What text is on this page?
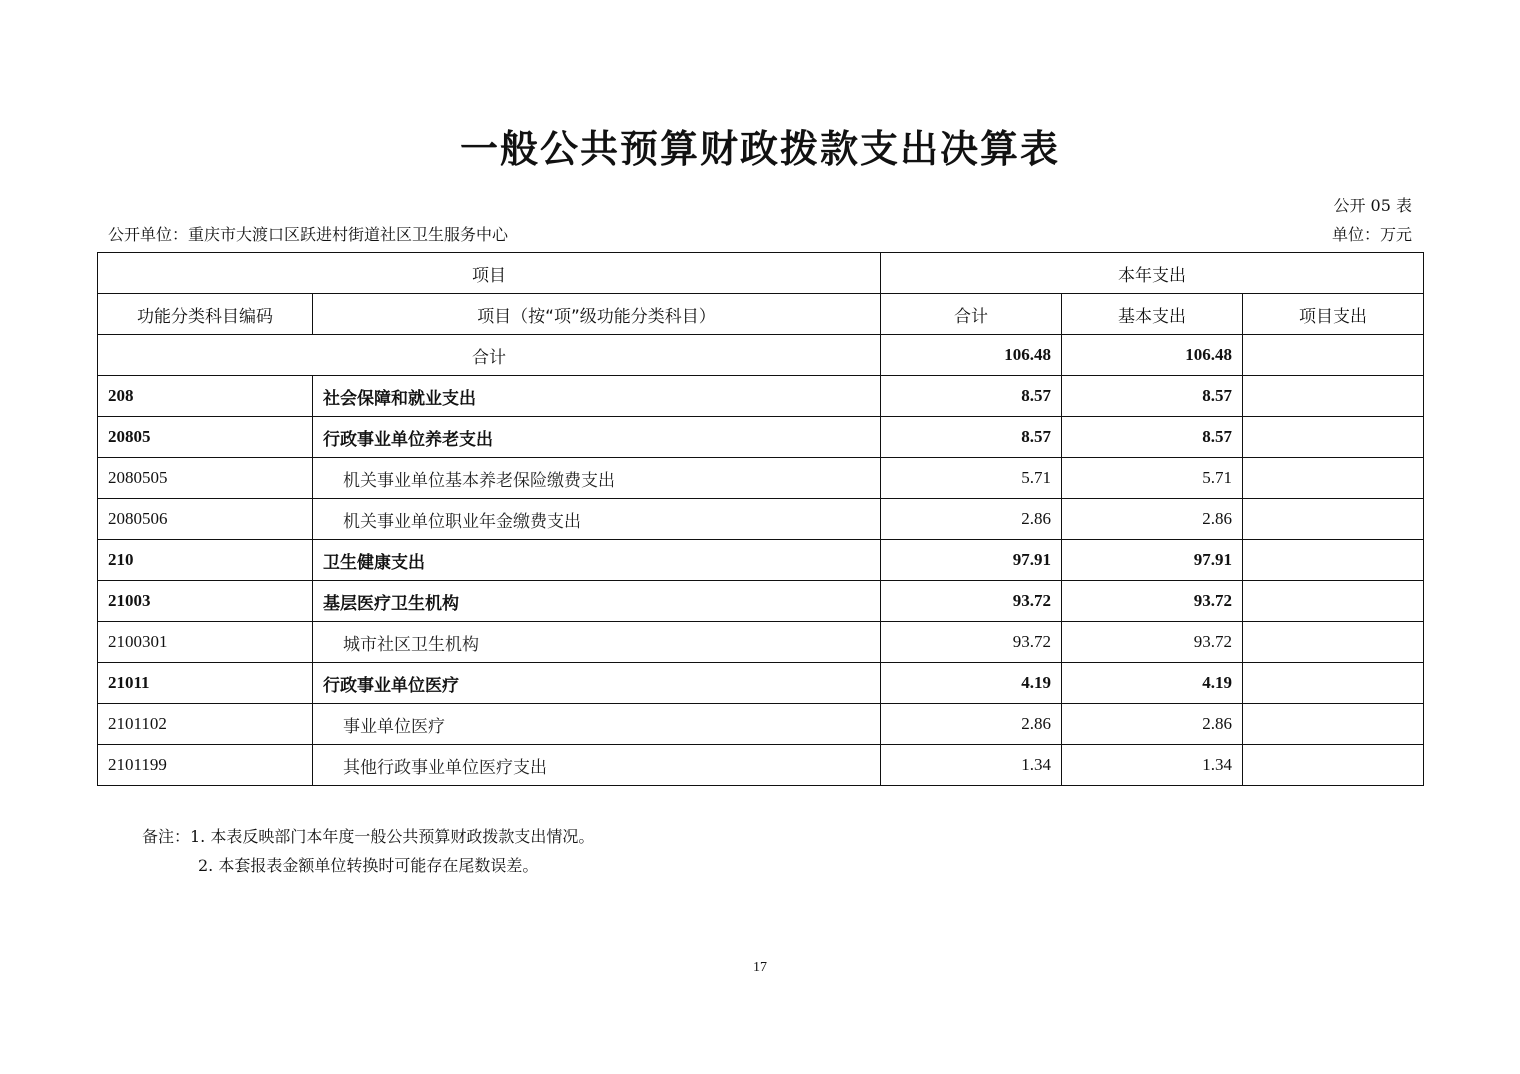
一般公共预算财政拨款支出决算表
公开 05 表
公开单位：重庆市大渡口区跃进村街道社区卫生服务中心	单位：万元
项目		本年支出		
功能分类科目编码	项目（按“项”级功能分类科目）	合计	基本支出	项目支出
合计		106.48	106.48	
208	社会保障和就业支出	8.57	8.57	
20805	行政事业单位养老支出	8.57	8.57	
2080505	机关事业单位基本养老保险缴费支出	5.71	5.71	
2080506	机关事业单位职业年金缴费支出	2.86	2.86	
210	卫生健康支出	97.91	97.91	
21003	基层医疗卫生机构	93.72	93.72	
2100301	城市社区卫生机构	93.72	93.72	
21011	行政事业单位医疗	4.19	4.19	
2101102	事业单位医疗	2.86	2.86	
2101199	其他行政事业单位医疗支出	1.34	1.34	
备注：1. 本表反映部门本年度一般公共预算财政拨款支出情况。
2. 本套报表金额单位转换时可能存在尾数误差。
17
